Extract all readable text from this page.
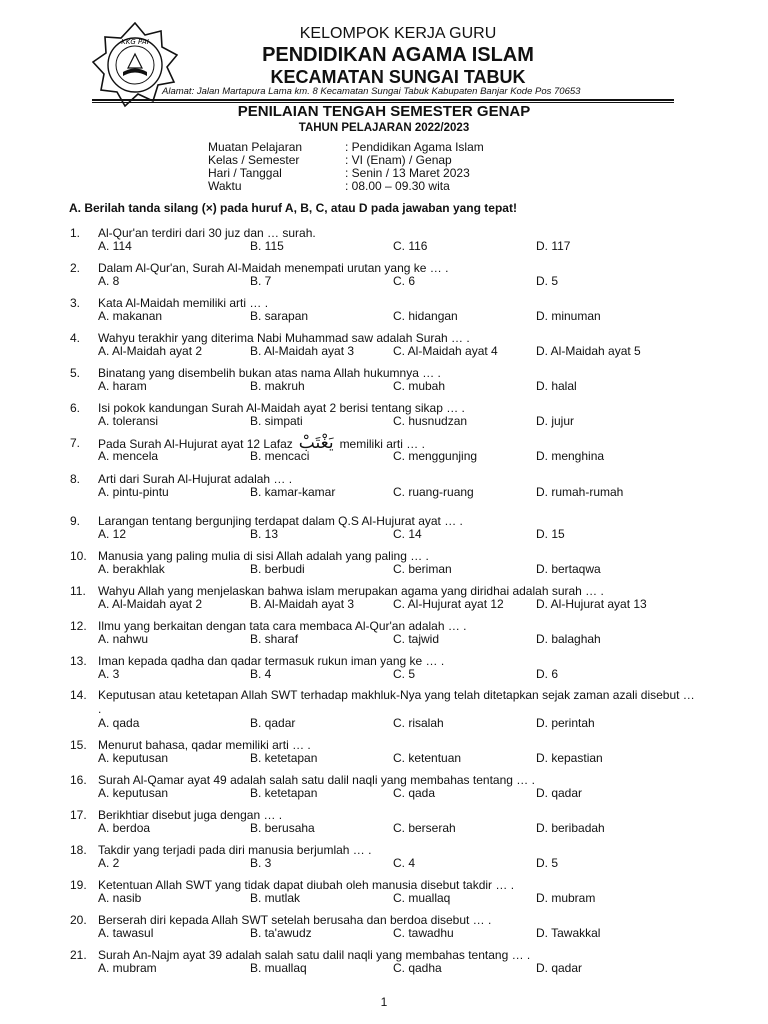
KKG PAI	KELOMPOK KERJA GURU
PENDIDIKAN AGAMA ISLAM
KECAMATAN SUNGAI TABUK
Alamat: Jalan Martapura Lama km. 8 Kecamatan Sungai Tabuk Kabupaten Banjar Kode Pos 70653
PENILAIAN TENGAH SEMESTER GENAP
TAHUN PELAJARAN 2022/2023
Muatan Pelajaran	: Pendidikan Agama Islam
Kelas / Semester	: VI (Enam) / Genap
Hari / Tanggal	: Senin / 13 Maret 2023
Waktu	: 08.00 – 09.30 wita
A. Berilah tanda silang (×) pada huruf A, B, C, atau D pada jawaban yang tepat!
1. Al-Qur'an terdiri dari 30 juz dan … surah.
A. 114	B. 115	C. 116	D. 117
2. Dalam Al-Qur'an, Surah Al-Maidah menempati urutan yang ke … .
A. 8	B. 7	C. 6	D. 5
3. Kata Al-Maidah memiliki arti … .
A. makanan	B. sarapan	C. hidangan	D. minuman
4. Wahyu terakhir yang diterima Nabi Muhammad saw adalah Surah … .
A. Al-Maidah ayat 2	B. Al-Maidah ayat 3	C. Al-Maidah ayat 4	D. Al-Maidah ayat 5
5. Binatang yang disembelih bukan atas nama Allah hukumnya … .
A. haram	B. makruh	C. mubah	D. halal
6. Isi pokok kandungan Surah Al-Maidah ayat 2 berisi tentang sikap … .
A. toleransi	B. simpati	C. husnudzan	D. jujur
7. Pada Surah Al-Hujurat ayat 12 Lafaz يَغْتَبْ memiliki arti … .
A. mencela	B. mencaci	C. menggunjing	D. menghina
8. Arti dari Surah Al-Hujurat adalah … .
A. pintu-pintu	B. kamar-kamar	C. ruang-ruang	D. rumah-rumah
9. Larangan tentang bergunjing terdapat dalam Q.S Al-Hujurat ayat … .
A. 12	B. 13	C. 14	D. 15
10. Manusia yang paling mulia di sisi Allah adalah yang paling … .
A. berakhlak	B. berbudi	C. beriman	D. bertaqwa
11. Wahyu Allah yang menjelaskan bahwa islam merupakan agama yang diridhai adalah surah … .
A. Al-Maidah ayat 2	B. Al-Maidah ayat 3	C. Al-Hujurat ayat 12	D. Al-Hujurat ayat 13
12. Ilmu yang berkaitan dengan tata cara membaca Al-Qur'an adalah … .
A. nahwu	B. sharaf	C. tajwid	D. balaghah
13. Iman kepada qadha dan qadar termasuk rukun iman yang ke … .
A. 3	B. 4	C. 5	D. 6
14. Keputusan atau ketetapan Allah SWT terhadap makhluk-Nya yang telah ditetapkan sejak zaman azali disebut … .
A. qada	B. qadar	C. risalah	D. perintah
15. Menurut bahasa, qadar memiliki arti … .
A. keputusan	B. ketetapan	C. ketentuan	D. kepastian
16. Surah Al-Qamar ayat 49 adalah salah satu dalil naqli yang membahas tentang … .
A. keputusan	B. ketetapan	C. qada	D. qadar
17. Berikhtiar disebut juga dengan … .
A. berdoa	B. berusaha	C. berserah	D. beribadah
18. Takdir yang terjadi pada diri manusia berjumlah … .
A. 2	B. 3	C. 4	D. 5
19. Ketentuan Allah SWT yang tidak dapat diubah oleh manusia disebut takdir … .
A. nasib	B. mutlak	C. muallaq	D. mubram
20. Berserah diri kepada Allah SWT setelah berusaha dan berdoa disebut … .
A. tawasul	B. ta'awudz	C. tawadhu	D. Tawakkal
21. Surah An-Najm ayat 39 adalah salah satu dalil naqli yang membahas tentang … .
A. mubram	B. muallaq	C. qadha	D. qadar
1
